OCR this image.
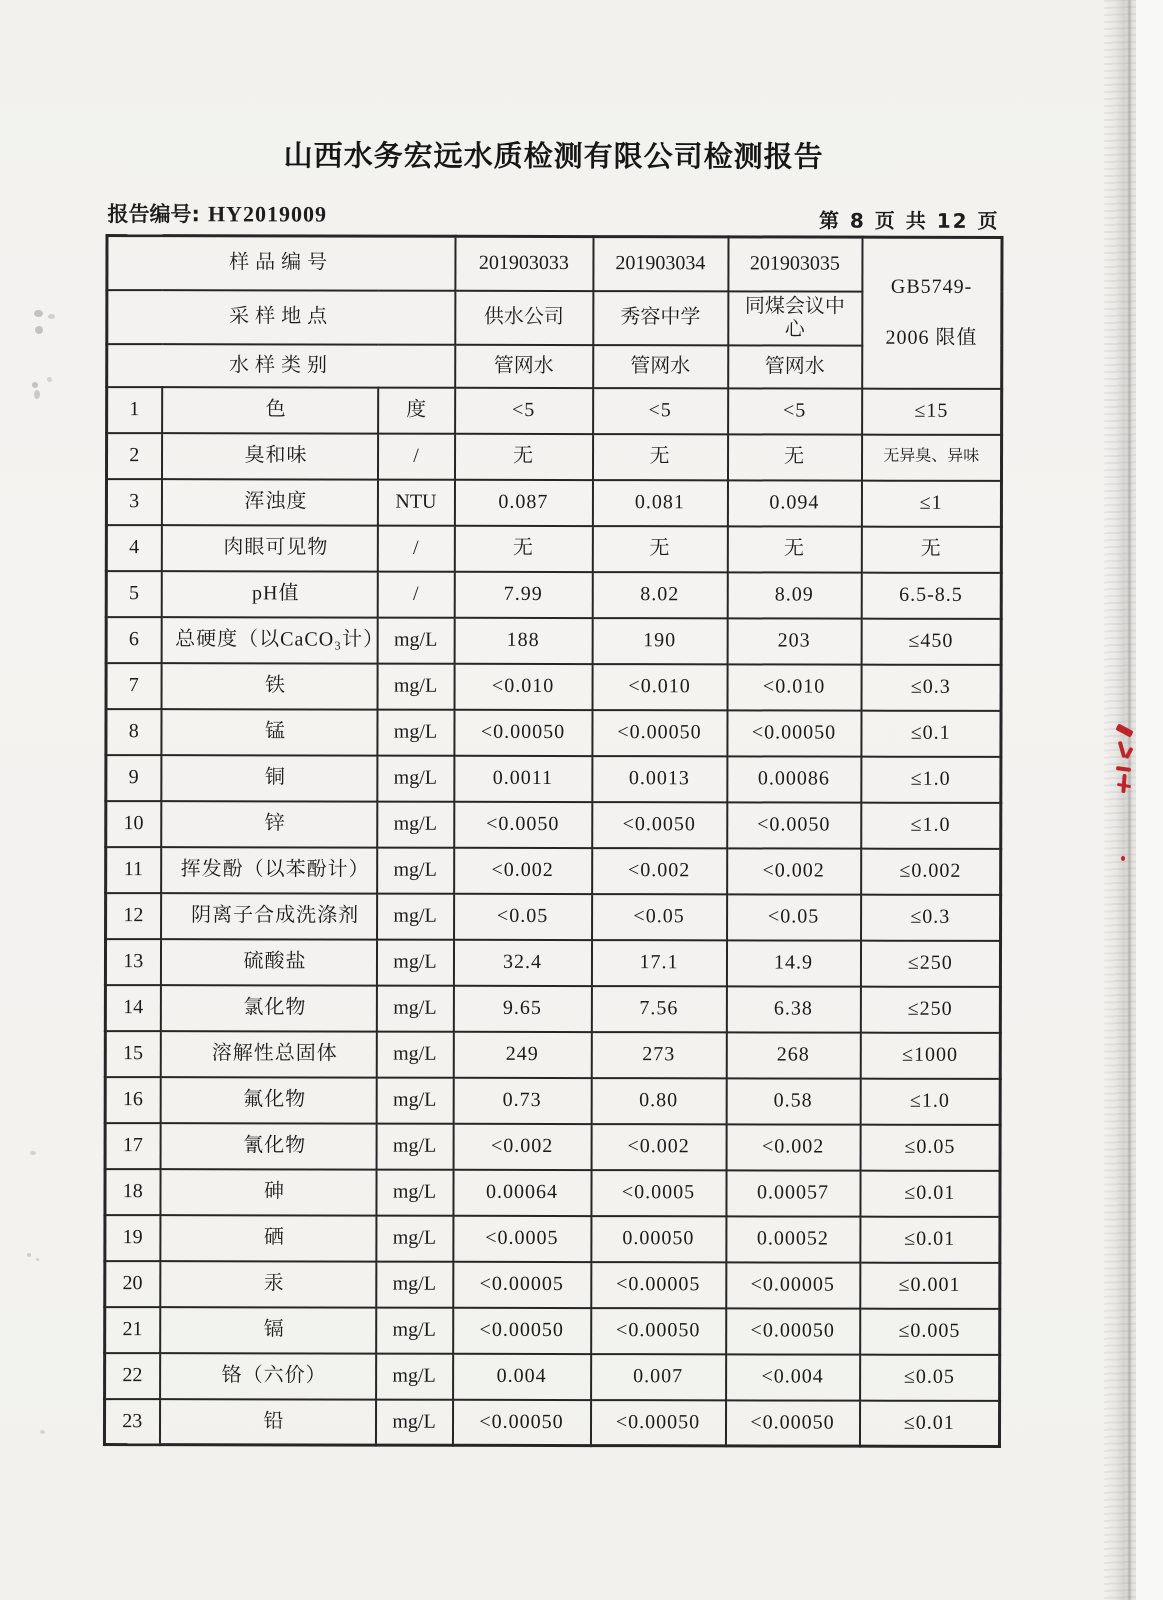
山西水务宏远水质检测有限公司检测报告
报告编号: HY2019009	第 8 页 共 12 页
样品编号			201903033	201903034	201903035	GB5749-
2006 限值

采样地点			供水公司	秀容中学	同煤会议中心	
水样类别			管网水	管网水	管网水	
1	色	度	<5	<5	<5	≤15
2	臭和味	/	无	无	无	无异臭、异味
3	浑浊度	NTU	0.087	0.081	0.094	≤1
4	肉眼可见物	/	无	无	无	无
5	pH值	/	7.99	8.02	8.09	6.5-8.5
6	总硬度（以CaCO₃计）	mg/L	188	190	203	≤450
7	铁	mg/L	<0.010	<0.010	<0.010	≤0.3
8	锰	mg/L	<0.00050	<0.00050	<0.00050	≤0.1
9	铜	mg/L	0.0011	0.0013	0.00086	≤1.0
10	锌	mg/L	<0.0050	<0.0050	<0.0050	≤1.0
11	挥发酚（以苯酚计）	mg/L	<0.002	<0.002	<0.002	≤0.002
12	阴离子合成洗涤剂	mg/L	<0.05	<0.05	<0.05	≤0.3
13	硫酸盐	mg/L	32.4	17.1	14.9	≤250
14	氯化物	mg/L	9.65	7.56	6.38	≤250
15	溶解性总固体	mg/L	249	273	268	≤1000
16	氟化物	mg/L	0.73	0.80	0.58	≤1.0
17	氰化物	mg/L	<0.002	<0.002	<0.002	≤0.05
18	砷	mg/L	0.00064	<0.0005	0.00057	≤0.01
19	硒	mg/L	<0.0005	0.00050	0.00052	≤0.01
20	汞	mg/L	<0.00005	<0.00005	<0.00005	≤0.001
21	镉	mg/L	<0.00050	<0.00050	<0.00050	≤0.005
22	铬（六价）	mg/L	0.004	0.007	<0.004	≤0.05
23	铅	mg/L	<0.00050	<0.00050	<0.00050	≤0.01
